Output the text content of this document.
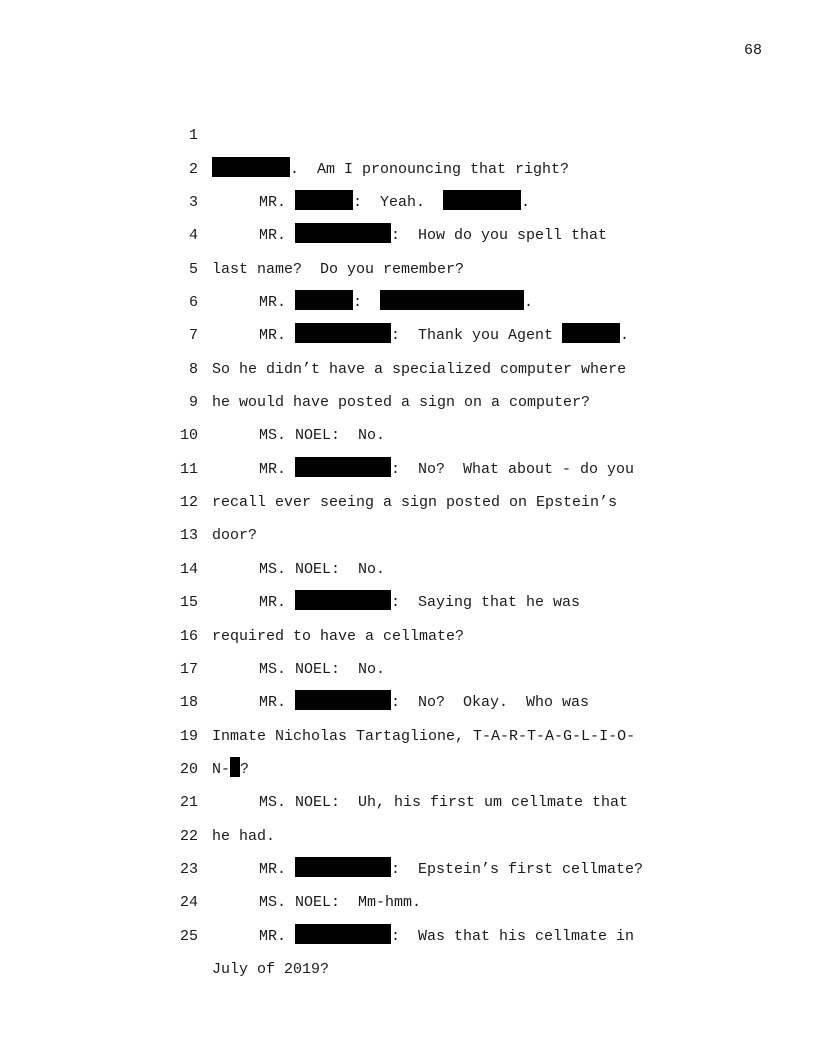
68

1

.  Am I pronouncing that right?

2

MR.	:  Yeah.	.

3

MR.	:  How do you spell that

4

last name?  Do you remember?

5

MR.	:	.

6

MR.	:  Thank you Agent	.

7

So he didn’t have a specialized computer where

8

he would have posted a sign on a computer?

9

MS. NOEL:  No.

10

MR.	:  No?  What about - do you

11

recall ever seeing a sign posted on Epstein’s

12

door?

13

MS. NOEL:  No.

14

MR.	:  Saying that he was

15

required to have a cellmate?

16

MS. NOEL:  No.

17

MR.	:  No?  Okay.  Who was

18

Inmate Nicholas Tartaglione, T-A-R-T-A-G-L-I-O-

19

N- ?

20

MS. NOEL:  Uh, his first um cellmate that

21

he had.

22

MR.	:  Epstein’s first cellmate?

23

MS. NOEL:  Mm-hmm.

24

MR.	:  Was that his cellmate in

25

July of 2019?
